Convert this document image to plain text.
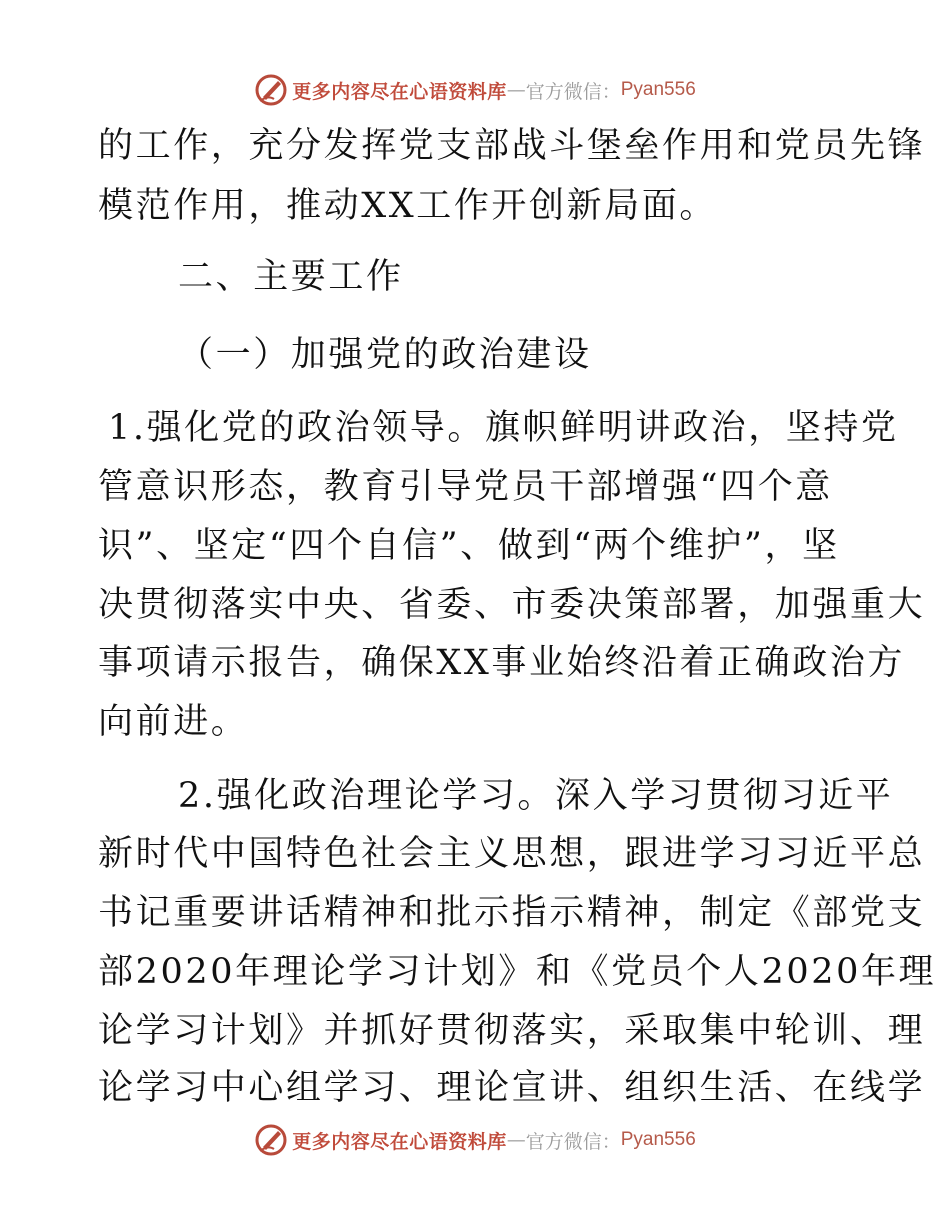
更多内容尽在心语资料库 — 官方微信： Pyan556
的工作，充分发挥党支部战斗堡垒作用和党员先锋
模范作用，推动XX工作开创新局面。
二、主要工作
（一）加强党的政治建设
1.强化党的政治领导。旗帜鲜明讲政治，坚持党
管意识形态，教育引导党员干部增强“四个意
识”、坚定“四个自信”、做到“两个维护”，坚
决贯彻落实中央、省委、市委决策部署，加强重大
事项请示报告，确保XX事业始终沿着正确政治方
向前进。
2.强化政治理论学习。深入学习贯彻习近平
新时代中国特色社会主义思想，跟进学习习近平总
书记重要讲话精神和批示指示精神，制定《部党支
部2020年理论学习计划》和《党员个人2020年理
论学习计划》并抓好贯彻落实，采取集中轮训、理
论学习中心组学习、理论宣讲、组织生活、在线学
更多内容尽在心语资料库 — 官方微信： Pyan556
